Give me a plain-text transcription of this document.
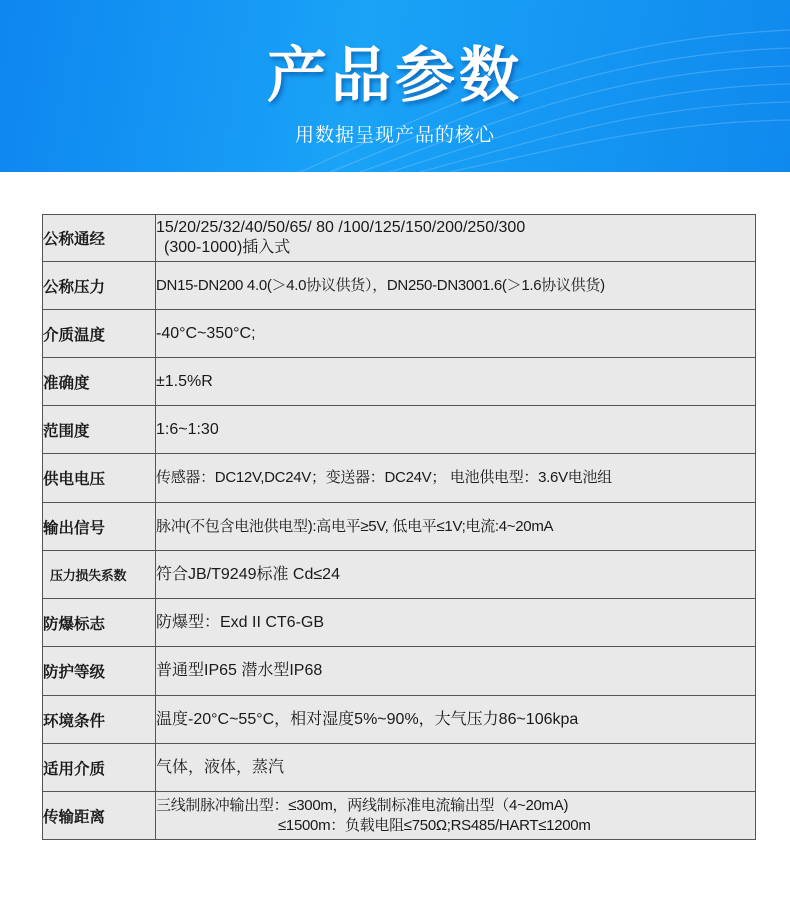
产品参数
用数据呈现产品的核心
公称通经	15/20/25/32/40/50/65/ 80 /100/125/150/200/250/300
(300-1000)插入式

公称压力	DN15-DN200 4.0(＞4.0协议供货），DN250-DN3001.6(＞1.6协议供货)
介质温度	-40°C~350°C;
准确度	±1.5%R
范围度	1:6~1:30
供电电压	传感器：DC12V,DC24V；变送器：DC24V； 电池供电型：3.6V电池组
输出信号	脉冲(不包含电池供电型):高电平≥5V, 低电平≤1V;电流:4~20mA
压力损失系数	符合JB/T9249标准 Cd≤24
防爆标志	防爆型：Exd II CT6-GB
防护等级	普通型IP65 潜水型IP68
环境条件	温度-20°C~55°C，相对湿度5%~90%，大气压力86~106kpa
适用介质	气体，液体，蒸汽
传输距离	三线制脉冲输出型：≤300m，两线制标准电流输出型（4~20mA)
≤1500m：负载电阻≤750Ω;RS485/HART≤1200m
